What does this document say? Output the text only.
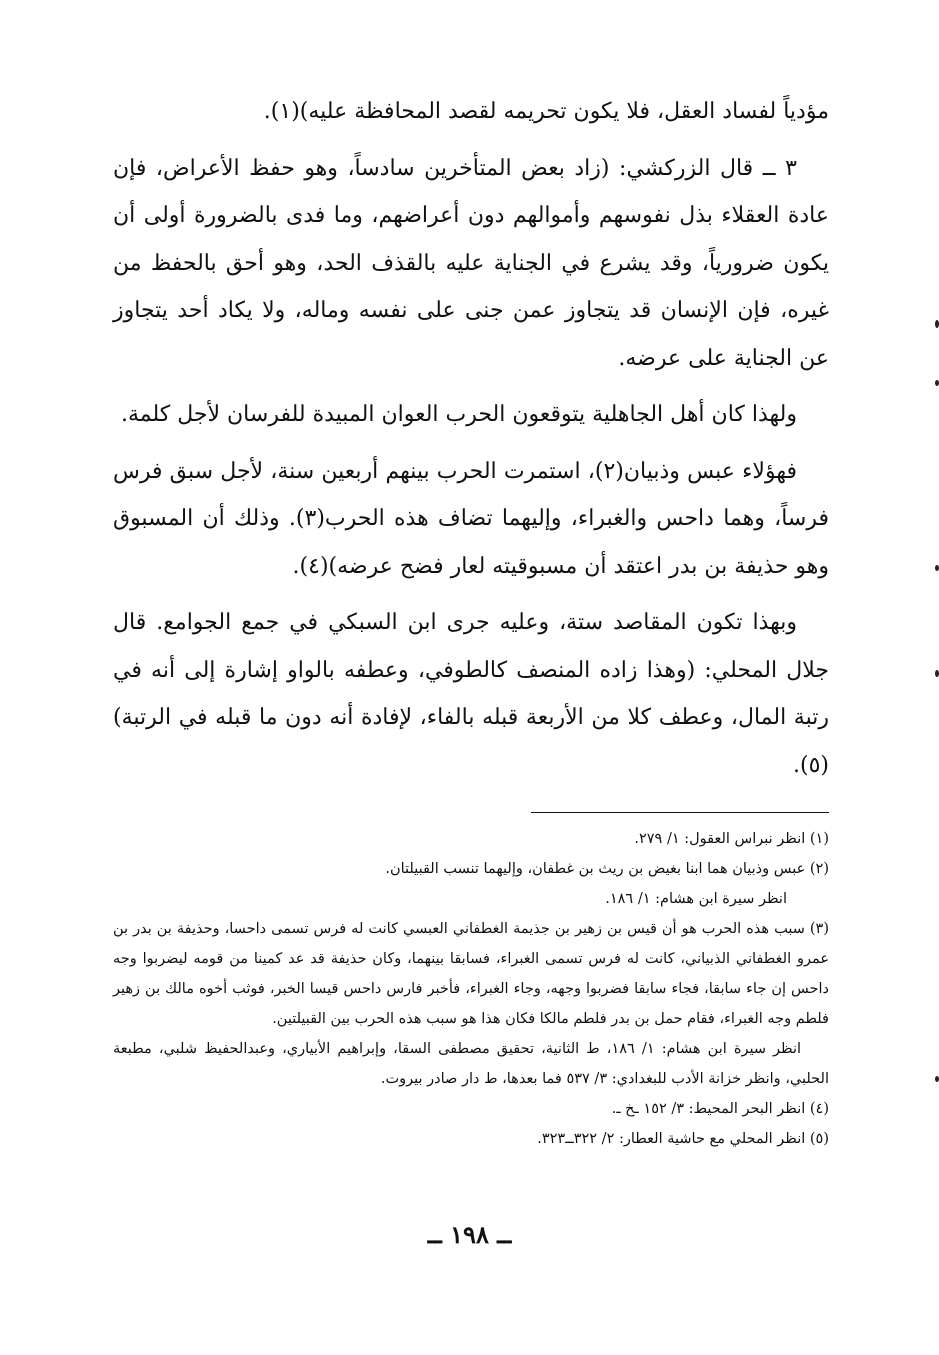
مؤدياً لفساد العقل، فلا يكون تحريمه لقصد المحافظة عليه)(١).

٣ ــ قال الزركشي: (زاد بعض المتأخرين سادساً، وهو حفظ الأعراض، فإن عادة العقلاء بذل نفوسهم وأموالهم دون أعراضهم، وما فدى بالضرورة أولى أن يكون ضرورياً، وقد يشرع في الجناية عليه بالقذف الحد، وهو أحق بالحفظ من غيره، فإن الإنسان قد يتجاوز عمن جنى على نفسه وماله، ولا يكاد أحد يتجاوز عن الجناية على عرضه.

ولهذا كان أهل الجاهلية يتوقعون الحرب العوان المبيدة للفرسان لأجل كلمة.

فهؤلاء عبس وذبيان(٢)، استمرت الحرب بينهم أربعين سنة، لأجل سبق فرس فرساً، وهما داحس والغبراء، وإليهما تضاف هذه الحرب(٣). وذلك أن المسبوق وهو حذيفة بن بدر اعتقد أن مسبوقيته لعار فضح عرضه)(٤).

وبهذا تكون المقاصد ستة، وعليه جرى ابن السبكي في جمع الجوامع. قال جلال المحلي: (وهذا زاده المنصف كالطوفي، وعطفه بالواو إشارة إلى أنه في رتبة المال، وعطف كلا من الأربعة قبله بالفاء، لإفادة أنه دون ما قبله في الرتبة)(٥).

(١) انظر نبراس العقول: ١/ ٢٧٩.

(٢) عبس وذبيان هما ابنا بغيض بن ريث بن غطفان، وإليهما تنسب القبيلتان.

انظر سيرة ابن هشام: ١/ ١٨٦.

(٣) سبب هذه الحرب هو أن قيس بن زهير بن جذيمة الغطفاني العبسي كانت له فرس تسمى داحسا، وحذيفة بن بدر بن عمرو الغطفاني الذبياني، كانت له فرس تسمى الغبراء، فسابقا بينهما، وكان حذيفة قد عد كمينا من قومه ليضربوا وجه داحس إن جاء سابقا، فجاء سابقا فضربوا وجهه، وجاء الغبراء، فأخبر فارس داحس قيسا الخبر، فوثب أخوه مالك بن زهير فلطم وجه الغبراء، فقام حمل بن بدر فلطم مالكا فكان هذا هو سبب هذه الحرب بين القبيلتين.

انظر سيرة ابن هشام: ١/ ١٨٦، ط الثانية، تحقيق مصطفى السقا، وإبراهيم الأبياري، وعبدالحفيظ شلبي، مطبعة الحلبي، وانظر خزانة الأدب للبغدادي: ٣/ ٥٣٧ فما بعدها، ط دار صادر بيروت.

(٤) انظر البحر المحيط: ٣/ ١٥٢ ـخ ـ.

(٥) انظر المحلي مع حاشية العطار: ٢/ ٣٢٢ــ٣٢٣.

ــ ١٩٨ ــ
